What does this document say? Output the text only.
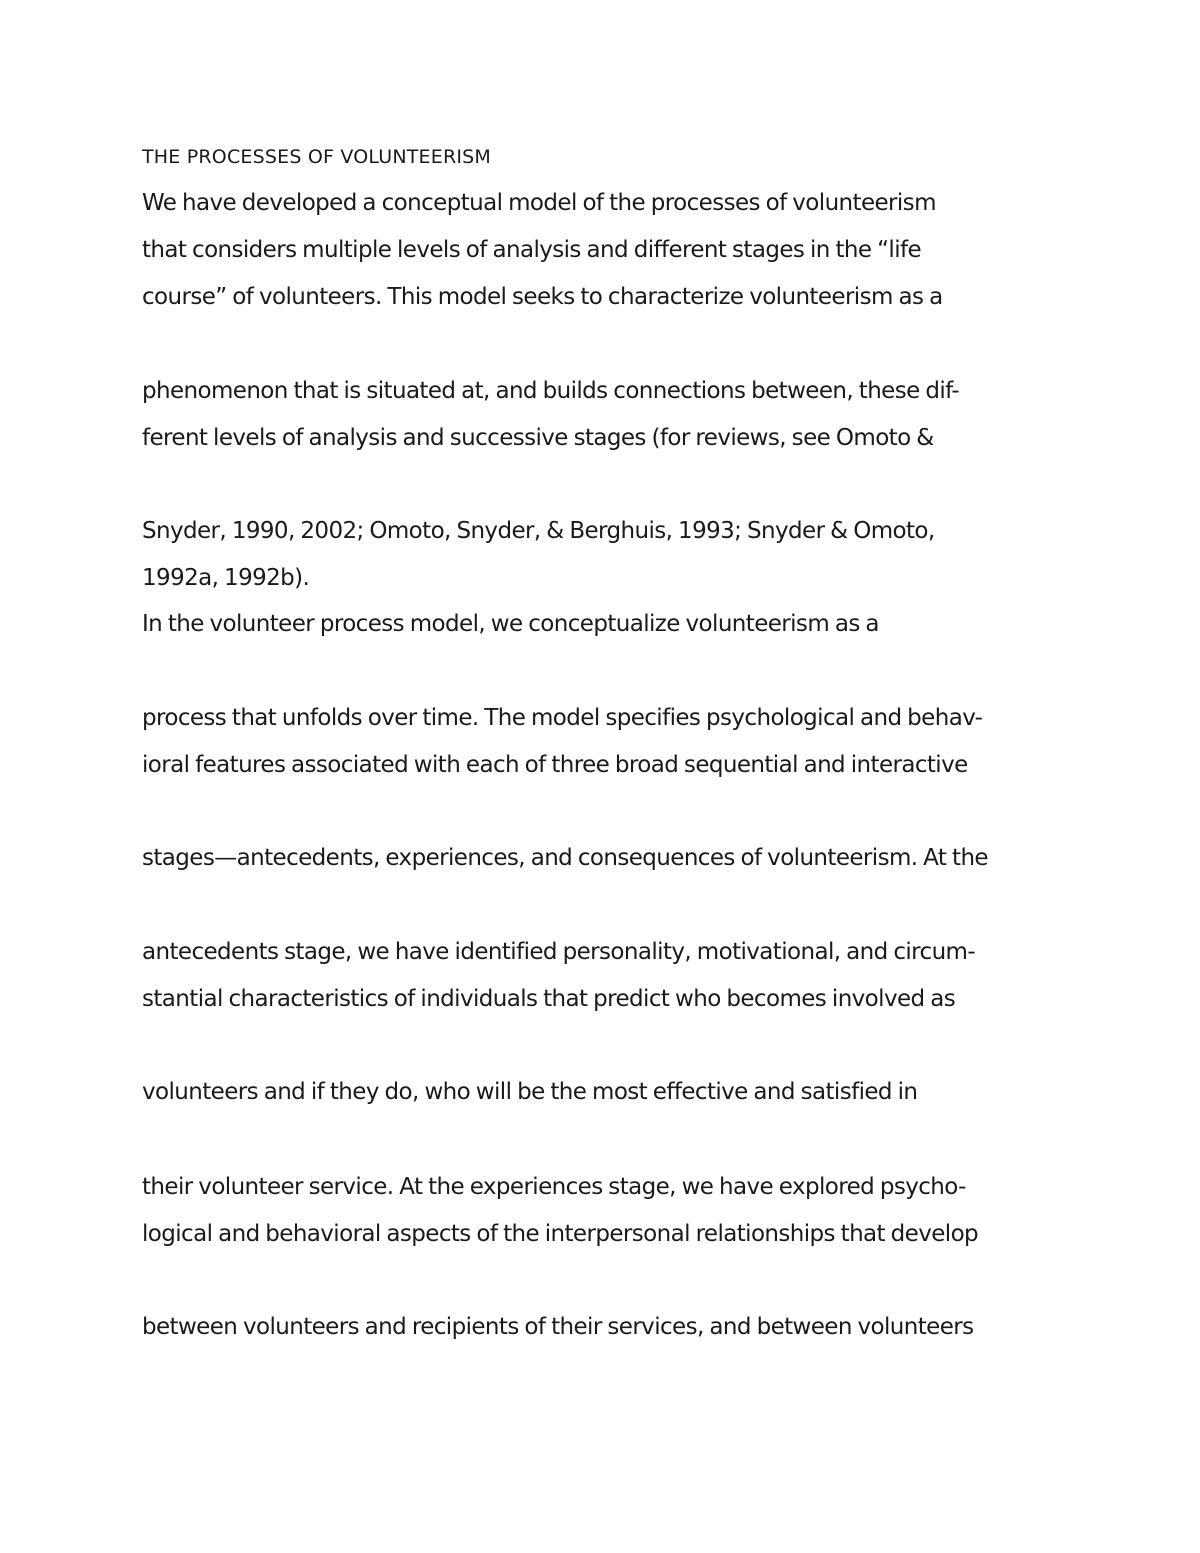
THE PROCESSES OF VOLUNTEERISM
We have developed a conceptual model of the processes of volunteerism
that considers multiple levels of analysis and different stages in the “life
course” of volunteers. This model seeks to characterize volunteerism as a
phenomenon that is situated at, and builds connections between, these dif-
ferent levels of analysis and successive stages (for reviews, see Omoto &
Snyder, 1990, 2002; Omoto, Snyder, & Berghuis, 1993; Snyder & Omoto,
1992a, 1992b).
In the volunteer process model, we conceptualize volunteerism as a
process that unfolds over time. The model specifies psychological and behav-
ioral features associated with each of three broad sequential and interactive
stages—antecedents, experiences, and consequences of volunteerism. At the
antecedents stage, we have identified personality, motivational, and circum-
stantial characteristics of individuals that predict who becomes involved as
volunteers and if they do, who will be the most effective and satisfied in
their volunteer service. At the experiences stage, we have explored psycho-
logical and behavioral aspects of the interpersonal relationships that develop
between volunteers and recipients of their services, and between volunteers
